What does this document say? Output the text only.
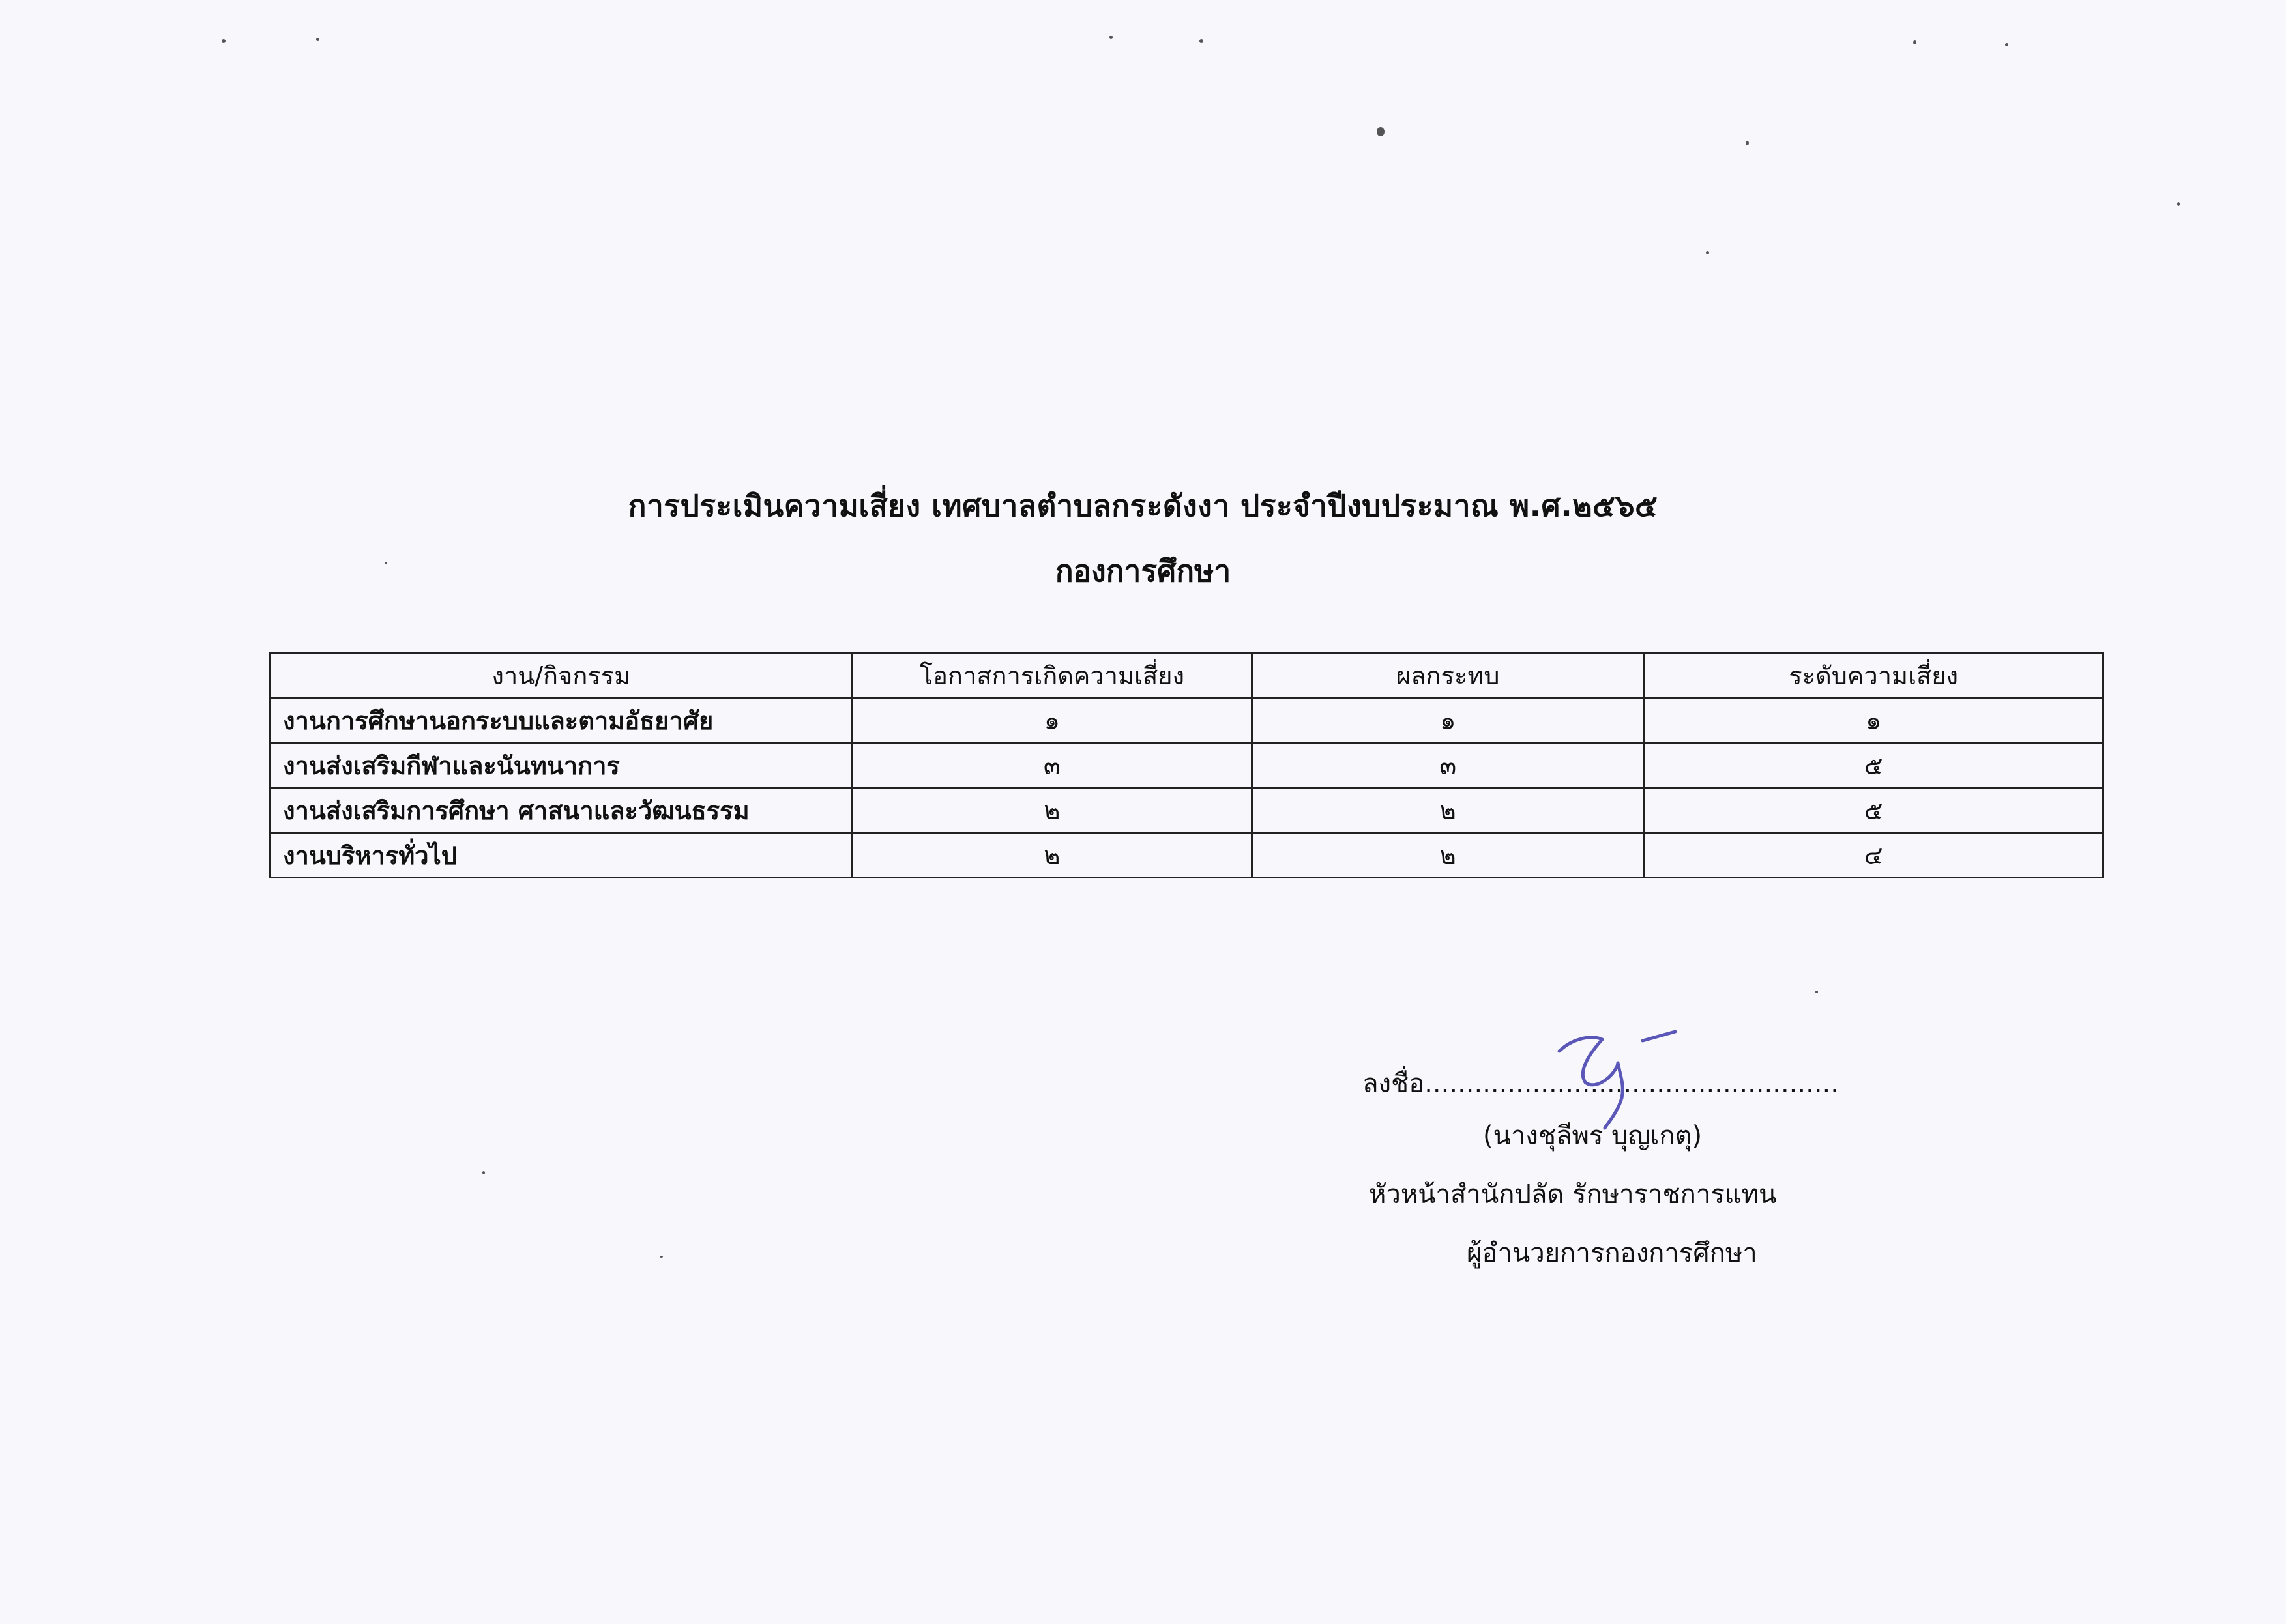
การประเมินความเสี่ยง เทศบาลตำบลกระดังงา ประจำปีงบประมาณ พ.ศ.๒๕๖๕
กองการศึกษา
งาน/กิจกรรม	โอกาสการเกิดความเสี่ยง	ผลกระทบ	ระดับความเสี่ยง
งานการศึกษานอกระบบและตามอัธยาศัย	๑	๑	๑
งานส่งเสริมกีฬาและนันทนาการ	๓	๓	๕
งานส่งเสริมการศึกษา ศาสนาและวัฒนธรรม	๒	๒	๕
งานบริหารทั่วไป	๒	๒	๔
ลงชื่อ..................................................
(นางชุลีพร บุญเกตุ)
หัวหน้าสำนักปลัด รักษาราชการแทน
ผู้อำนวยการกองการศึกษา
